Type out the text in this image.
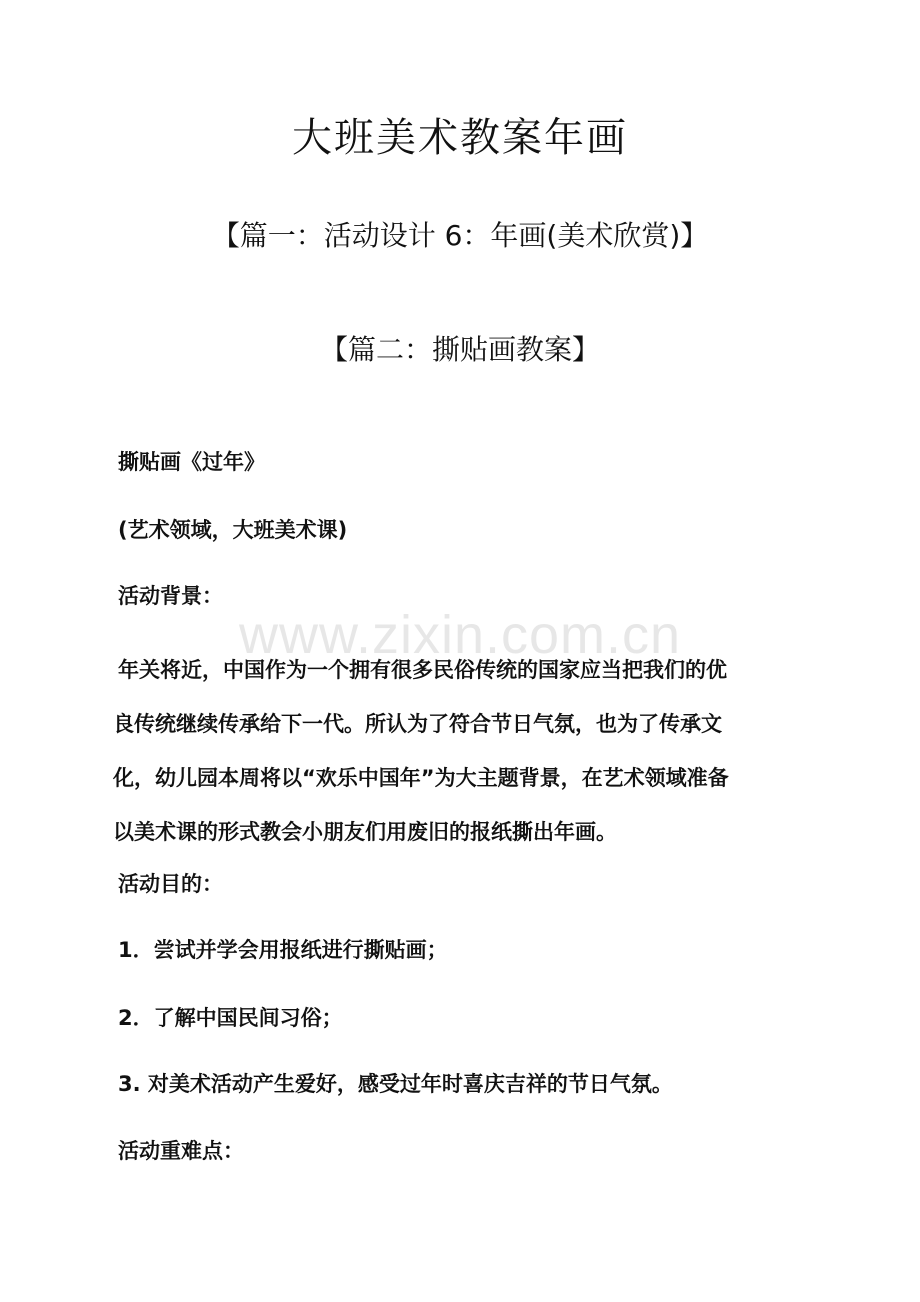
www.zixin.com.cn
大班美术教案年画
【篇一：活动设计 6：年画(美术欣赏)】
【篇二：撕贴画教案】
撕贴画《过年》
(艺术领域，大班美术课)
活动背景：
年关将近，中国作为一个拥有很多民俗传统的国家应当把我们的优
良传统继续传承给下一代。所认为了符合节日气氛，也为了传承文
化，幼儿园本周将以“欢乐中国年”为大主题背景，在艺术领域准备
以美术课的形式教会小朋友们用废旧的报纸撕出年画。
活动目的：
1．尝试并学会用报纸进行撕贴画；
2．了解中国民间习俗；
3. 对美术活动产生爱好，感受过年时喜庆吉祥的节日气氛。
活动重难点：
